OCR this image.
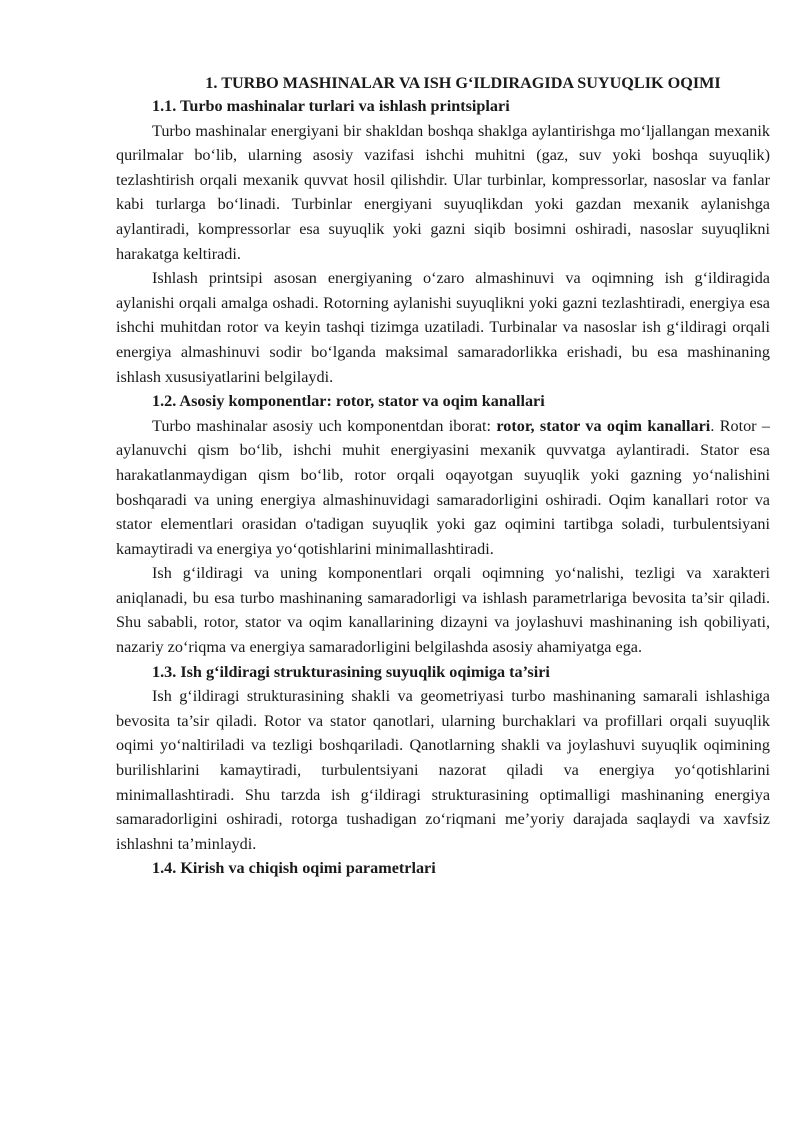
1. TURBO MASHINALAR VA ISH G‘ILDIRAGIDA SUYUQLIK OQIMI

1.1. Turbo mashinalar turlari va ishlash printsiplari

Turbo mashinalar energiyani bir shakldan boshqa shaklga aylantirishga mo‘ljallangan mexanik qurilmalar bo‘lib, ularning asosiy vazifasi ishchi muhitni (gaz, suv yoki boshqa suyuqlik) tezlashtirish orqali mexanik quvvat hosil qilishdir. Ular turbinlar, kompressorlar, nasoslar va fanlar kabi turlarga bo‘linadi. Turbinlar energiyani suyuqlikdan yoki gazdan mexanik aylanishga aylantiradi, kompressorlar esa suyuqlik yoki gazni siqib bosimni oshiradi, nasoslar suyuqlikni harakatga keltiradi.

Ishlash printsipi asosan energiyaning o‘zaro almashinuvi va oqimning ish g‘ildiragida aylanishi orqali amalga oshadi. Rotorning aylanishi suyuqlikni yoki gazni tezlashtiradi, energiya esa ishchi muhitdan rotor va keyin tashqi tizimga uzatiladi. Turbinalar va nasoslar ish g‘ildiragi orqali energiya almashinuvi sodir bo‘lganda maksimal samaradorlikka erishadi, bu esa mashinaning ishlash xususiyatlarini belgilaydi.

1.2. Asosiy komponentlar: rotor, stator va oqim kanallari

Turbo mashinalar asosiy uch komponentdan iborat: rotor, stator va oqim kanallari. Rotor – aylanuvchi qism bo‘lib, ishchi muhit energiyasini mexanik quvvatga aylantiradi. Stator esa harakatlanmaydigan qism bo‘lib, rotor orqali oqayotgan suyuqlik yoki gazning yo‘nalishini boshqaradi va uning energiya almashinuvidagi samaradorligini oshiradi. Oqim kanallari rotor va stator elementlari orasidan o'tadigan suyuqlik yoki gaz oqimini tartibga soladi, turbulentsiyani kamaytiradi va energiya yo‘qotishlarini minimallashtiradi.

Ish g‘ildiragi va uning komponentlari orqali oqimning yo‘nalishi, tezligi va xarakteri aniqlanadi, bu esa turbo mashinaning samaradorligi va ishlash parametrlariga bevosita ta’sir qiladi. Shu sababli, rotor, stator va oqim kanallarining dizayni va joylashuvi mashinaning ish qobiliyati, nazariy zo‘riqma va energiya samaradorligini belgilashda asosiy ahamiyatga ega.

1.3. Ish g‘ildiragi strukturasining suyuqlik oqimiga ta’siri

Ish g‘ildiragi strukturasining shakli va geometriyasi turbo mashinaning samarali ishlashiga bevosita ta’sir qiladi. Rotor va stator qanotlari, ularning burchaklari va profillari orqali suyuqlik oqimi yo‘naltiriladi va tezligi boshqariladi. Qanotlarning shakli va joylashuvi suyuqlik oqimining burilishlarini kamaytiradi, turbulentsiyani nazorat qiladi va energiya yo‘qotishlarini minimallashtiradi. Shu tarzda ish g‘ildiragi strukturasining optimalligi mashinaning energiya samaradorligini oshiradi, rotorga tushadigan zo‘riqmani me’yoriy darajada saqlaydi va xavfsiz ishlashni ta’minlaydi.

1.4. Kirish va chiqish oqimi parametrlari
